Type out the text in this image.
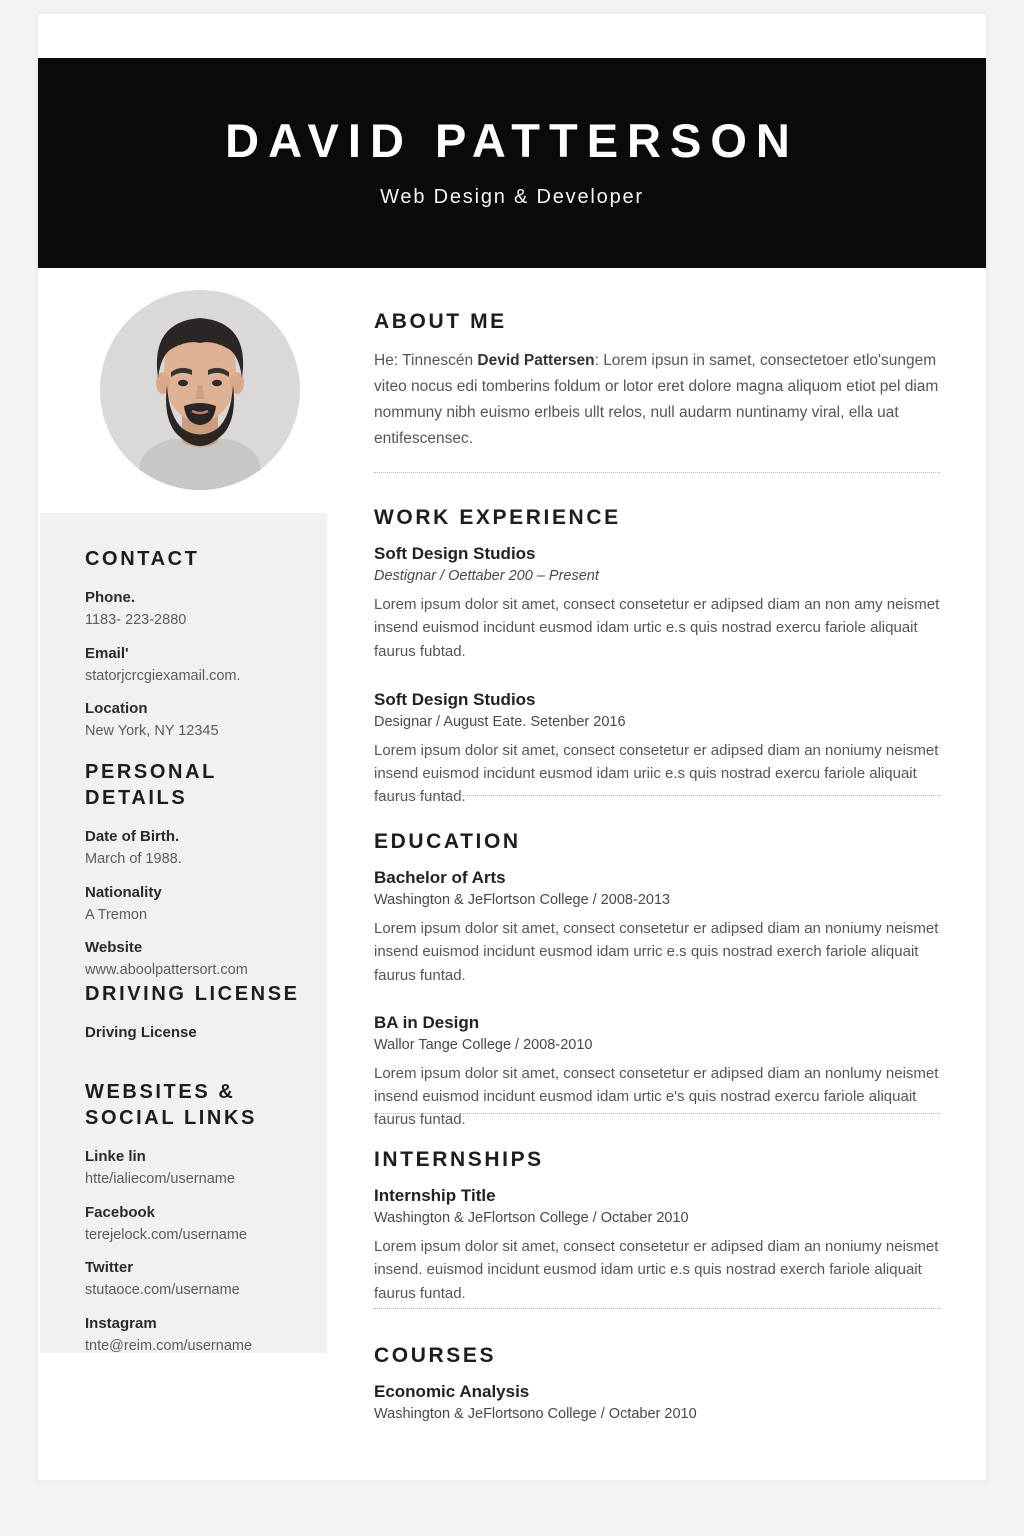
DAVID PATTERSON
Web Design & Developer
CONTACT
Phone.
1183- 223-2880
Email'
statorjcrcgiexamail.com.
Location
New York, NY 12345
PERSONAL DETAILS
Date of Birth.
March of 1988.
Nationality
A Tremon
Website
www.aboolpattersort.com
DRIVING LICENSE
Driving License
WEBSITES & SOCIAL LINKS
Linke lin
htte/ialiecom/username
Facebook
terejelock.com/username
Twitter
stutaoce.com/username
Instagram
tnte@reim.com/username
ABOUT ME

He: Tinnescén Devid Pattersen: Lorem ipsun in samet, consectetoer etlo'sungem viteo nocus edi tomberins foldum or lotor eret dolore magna aliquom etiot pel diam nommuny nibh euismo erlbeis ullt relos, null audarm nuntinamy viral, ella uat entifescensec.

WORK EXPERIENCE
Soft Design Studios
Destignar / Oettaber 200 – Present
Lorem ipsum dolor sit amet, consect consetetur er adipsed diam an non amy neismet insend euismod incidunt eusmod idam urtic e.s quis nostrad exercu fariole aliquait faurus fubtad.
Soft Design Studios
Designar / August Eate. Setenber 2016
Lorem ipsum dolor sit amet, consect consetetur er adipsed diam an noniumy neismet insend euismod incidunt eusmod idam uriic e.s quis nostrad exercu fariole aliquait faurus funtad.
EDUCATION
Bachelor of Arts
Washington & JeFlortson College / 2008-2013
Lorem ipsum dolor sit amet, consect consetetur er adipsed diam an noniumy neismet insend euismod incidunt eusmod idam urric e.s quis nostrad exerch fariole aliquait faurus funtad.
BA in Design
Wallor Tange College / 2008-2010
Lorem ipsum dolor sit amet, consect consetetur er adipsed diam an nonlumy neismet insend euismod incidunt eusmod idam urtic e's quis nostrad exercu fariole aliquait faurus funtad.
INTERNSHIPS
Internship Title
Washington & JeFlortson College / Octaber 2010
Lorem ipsum dolor sit amet, consect consetetur er adipsed diam an noniumy neismet insend. euismod incidunt eusmod idam urtic e.s quis nostrad exerch fariole aliquait faurus funtad.
COURSES
Economic Analysis
Washington & JeFlortsono College / Octaber 2010
